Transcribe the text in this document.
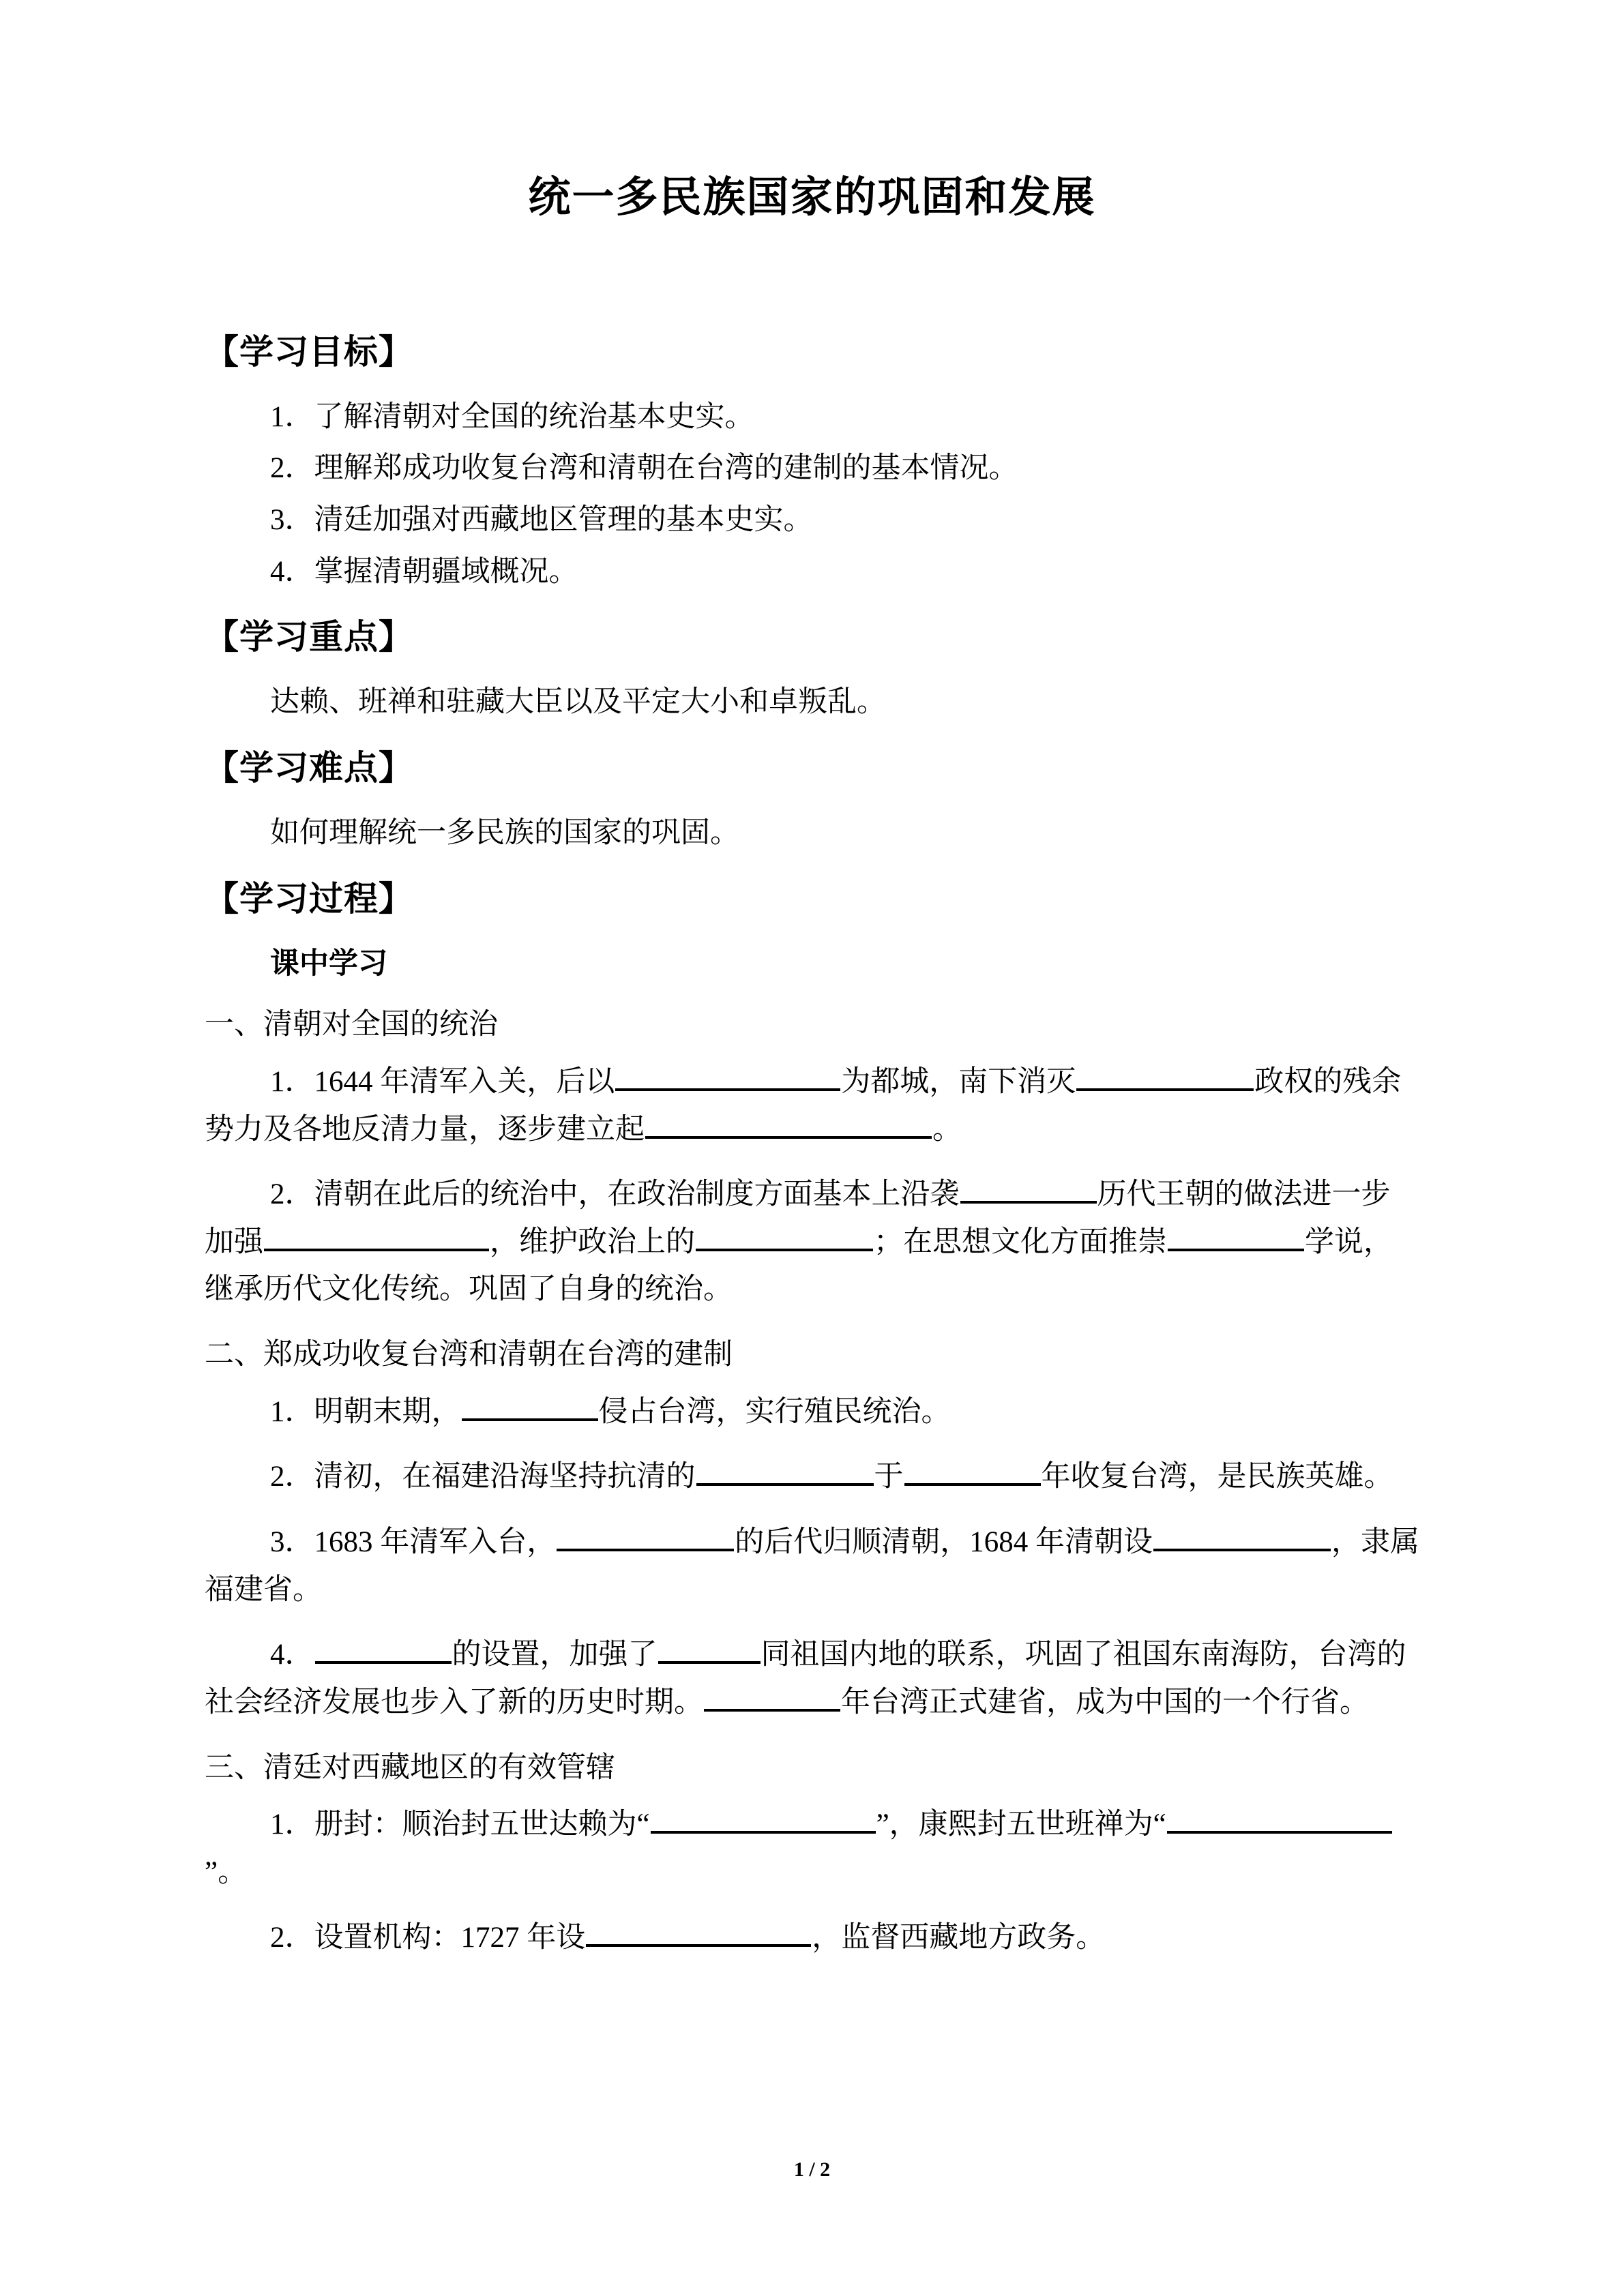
统一多民族国家的巩固和发展
【学习目标】
1．了解清朝对全国的统治基本史实。
2．理解郑成功收复台湾和清朝在台湾的建制的基本情况。
3．清廷加强对西藏地区管理的基本史实。
4．掌握清朝疆域概况。
【学习重点】

达赖、班禅和驻藏大臣以及平定大小和卓叛乱。

【学习难点】

如何理解统一多民族的国家的巩固。

【学习过程】
课中学习
一、清朝对全国的统治

1．1644 年清军入关，后以	为都城，南下消灭	政权的残余势力及各地反清力量，逐步建立起	。

2．清朝在此后的统治中，在政治制度方面基本上沿袭	历代王朝的做法进一步加强	，维护政治上的	；在思想文化方面推崇	学说，继承历代文化传统。巩固了自身的统治。

二、郑成功收复台湾和清朝在台湾的建制

1．明朝末期，	侵占台湾，实行殖民统治。

2．清初，在福建沿海坚持抗清的	于	年收复台湾，是民族英雄。

3．1683 年清军入台，	的后代归顺清朝，1684 年清朝设	，隶属福建省。

4．	的设置，加强了	同祖国内地的联系，巩固了祖国东南海防，台湾的社会经济发展也步入了新的历史时期。	年台湾正式建省，成为中国的一个行省。

三、清廷对西藏地区的有效管辖

1．册封：顺治封五世达赖为“	”，康熙封五世班禅为“”。

2．设置机构：1727 年设	，监督西藏地方政务。

1 / 2
